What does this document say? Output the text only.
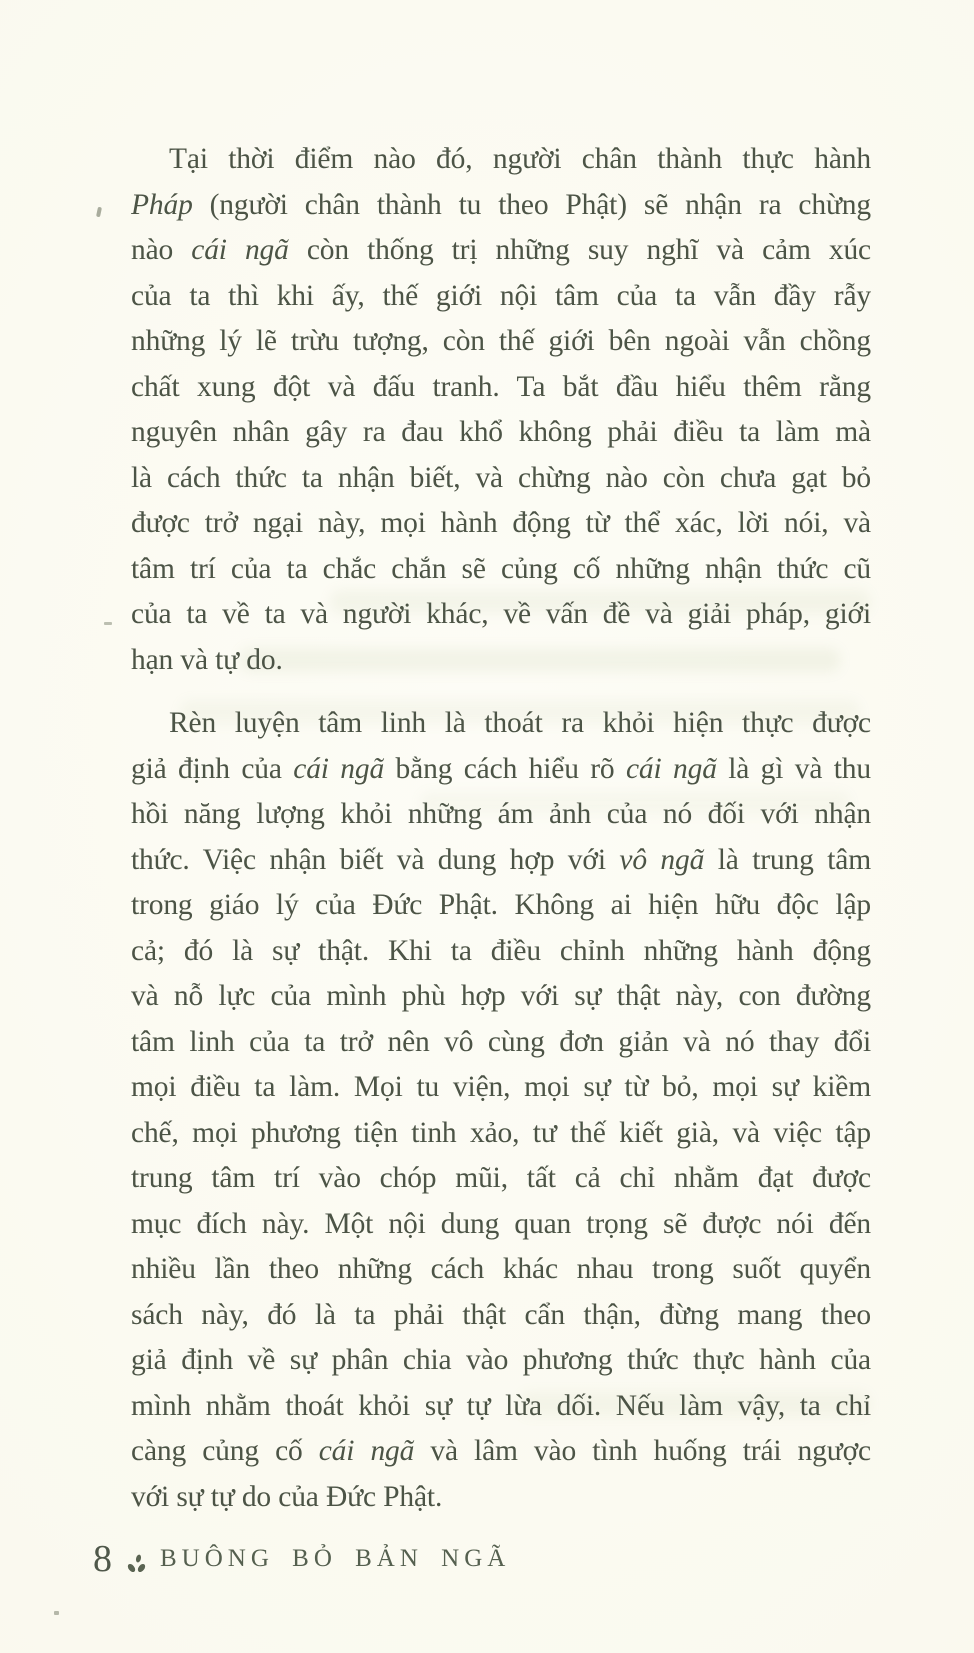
Tại thời điểm nào đó, người chân thành thực hành
Pháp (người chân thành tu theo Phật) sẽ nhận ra chừng
nào cái ngã còn thống trị những suy nghĩ và cảm xúc
của ta thì khi ấy, thế giới nội tâm của ta vẫn đầy rẫy
những lý lẽ trừu tượng, còn thế giới bên ngoài vẫn chồng
chất xung đột và đấu tranh. Ta bắt đầu hiểu thêm rằng
nguyên nhân gây ra đau khổ không phải điều ta làm mà
là cách thức ta nhận biết, và chừng nào còn chưa gạt bỏ
được trở ngại này, mọi hành động từ thể xác, lời nói, và
tâm trí của ta chắc chắn sẽ củng cố những nhận thức cũ
của ta về ta và người khác, về vấn đề và giải pháp, giới
hạn và tự do.
Rèn luyện tâm linh là thoát ra khỏi hiện thực được
giả định của cái ngã bằng cách hiểu rõ cái ngã là gì và thu
hồi năng lượng khỏi những ám ảnh của nó đối với nhận
thức. Việc nhận biết và dung hợp với vô ngã là trung tâm
trong giáo lý của Đức Phật. Không ai hiện hữu độc lập
cả; đó là sự thật. Khi ta điều chỉnh những hành động
và nỗ lực của mình phù hợp với sự thật này, con đường
tâm linh của ta trở nên vô cùng đơn giản và nó thay đổi
mọi điều ta làm. Mọi tu viện, mọi sự từ bỏ, mọi sự kiềm
chế, mọi phương tiện tinh xảo, tư thế kiết già, và việc tập
trung tâm trí vào chóp mũi, tất cả chỉ nhằm đạt được
mục đích này. Một nội dung quan trọng sẽ được nói đến
nhiều lần theo những cách khác nhau trong suốt quyển
sách này, đó là ta phải thật cẩn thận, đừng mang theo
giả định về sự phân chia vào phương thức thực hành của
mình nhằm thoát khỏi sự tự lừa dối. Nếu làm vậy, ta chỉ
càng củng cố cái ngã và lâm vào tình huống trái ngược
với sự tự do của Đức Phật.
8 BUÔNG BỎ BẢN NGÃ
